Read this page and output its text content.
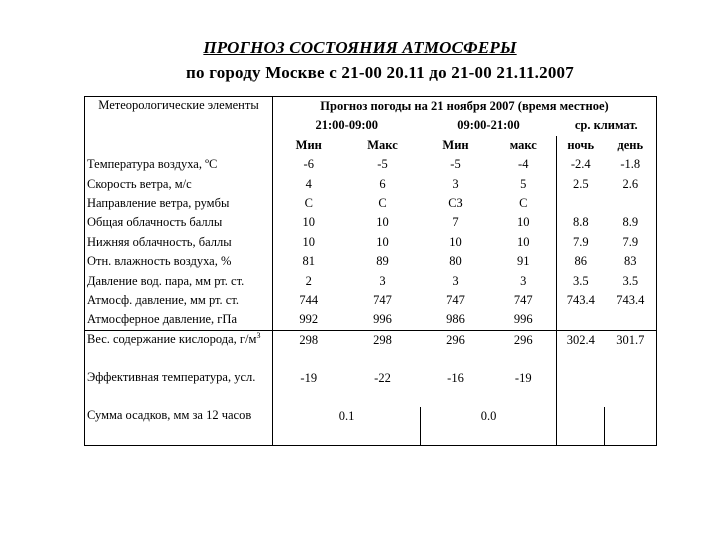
ПРОГНОЗ СОСТОЯНИЯ АТМОСФЕРЫ
по городу Москве с 21-00 20.11 до 21-00 21.11.2007
Метеорологические элементы	Прогноз погоды на 21 ноября 2007 (время местное)					
	21:00-09:00		09:00-21:00		ср. климат.	
	Мин	Макс	Мин	макс	ночь	день
Температура воздуха, ºС	-6	-5	-5	-4	-2.4	-1.8
Скорость ветра, м/с	4	6	3	5	2.5	2.6
Направление ветра, румбы	С	С	СЗ	С		
Общая облачность баллы	10	10	7	10	8.8	8.9
Нижняя облачность, баллы	10	10	10	10	7.9	7.9
Отн. влажность воздуха, %	81	89	80	91	86	83
Давление вод. пара, мм рт. ст.	2	3	3	3	3.5	3.5
Атмосф. давление, мм рт. ст.	744	747	747	747	743.4	743.4
Атмосферное давление, гПа	992	996	986	996		
Вес. содержание кислорода, $г/м^3$	298	298	296	296	302.4	301.7
Эффективная температура, усл.	-19	-22	-16	-19		
Сумма осадков, мм за 12 часов	0.1		0.0			
